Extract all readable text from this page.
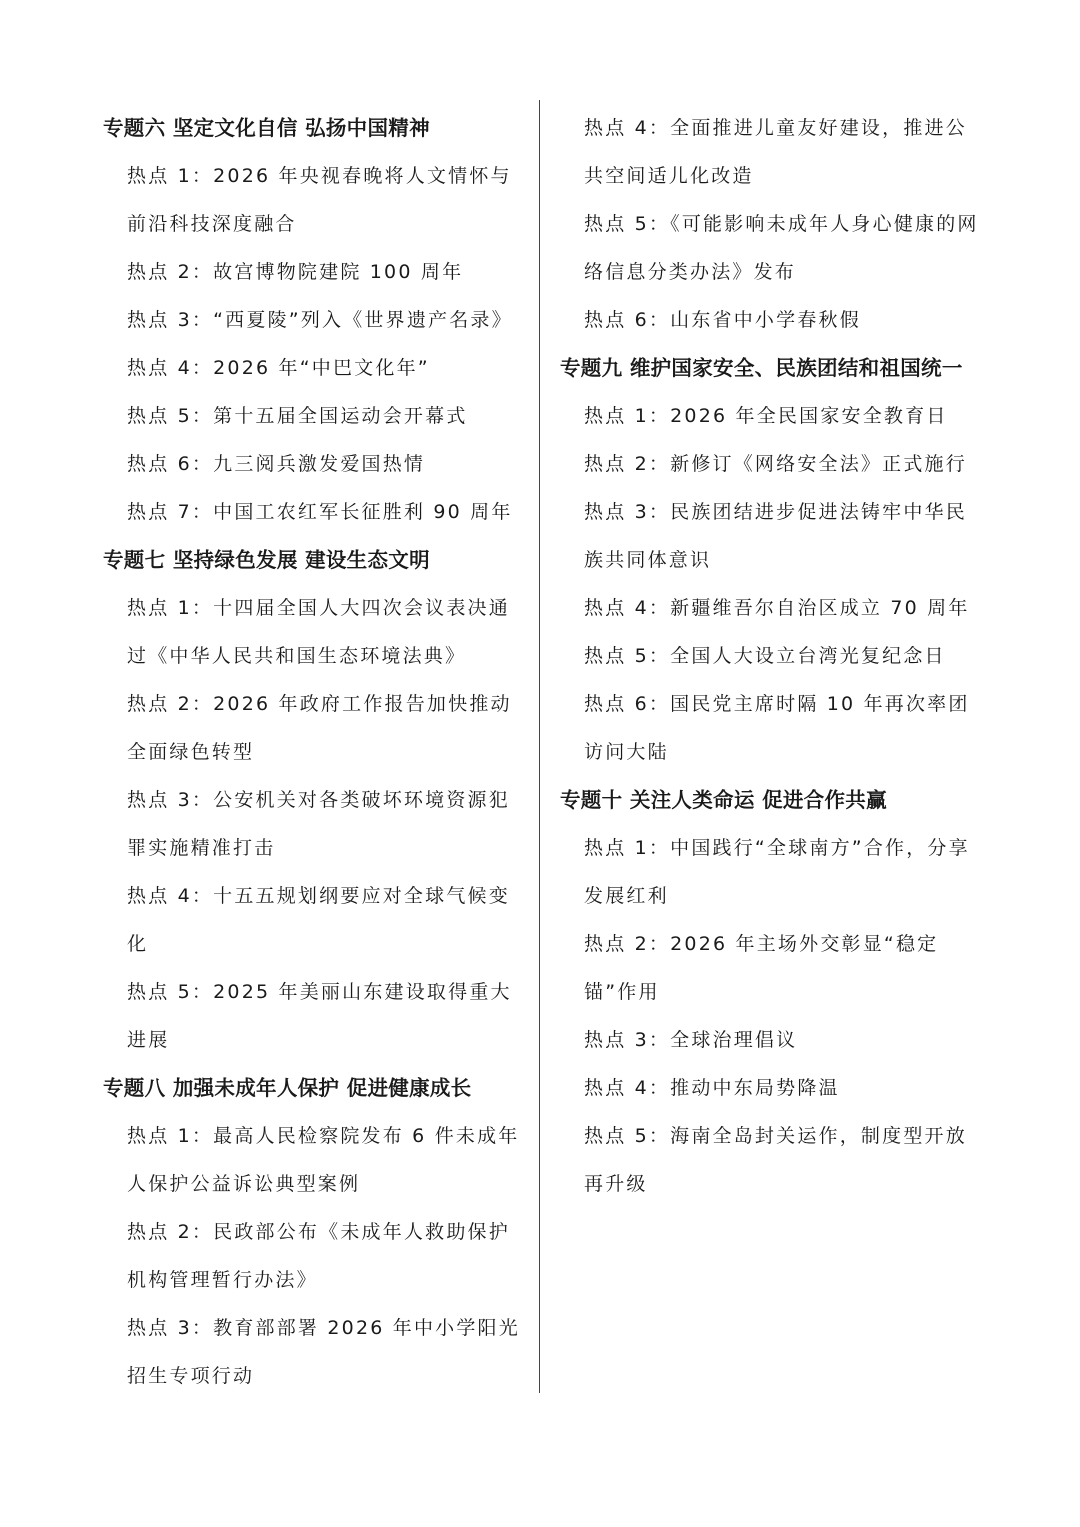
专题六 坚定文化自信 弘扬中国精神
热点 1：2026 年央视春晚将人文情怀与前沿科技深度融合
热点 2：故宫博物院建院 100 周年
热点 3：“西夏陵”列入《世界遗产名录》
热点 4：2026 年“中巴文化年”
热点 5：第十五届全国运动会开幕式
热点 6：九三阅兵激发爱国热情
热点 7：中国工农红军长征胜利 90 周年
专题七 坚持绿色发展 建设生态文明
热点 1：十四届全国人大四次会议表决通过《中华人民共和国生态环境法典》
热点 2：2026 年政府工作报告加快推动全面绿色转型
热点 3：公安机关对各类破坏环境资源犯罪实施精准打击
热点 4：十五五规划纲要应对全球气候变化
热点 5：2025 年美丽山东建设取得重大进展
专题八 加强未成年人保护 促进健康成长
热点 1：最高人民检察院发布 6 件未成年人保护公益诉讼典型案例
热点 2：民政部公布《未成年人救助保护机构管理暂行办法》
热点 3：教育部部署 2026 年中小学阳光招生专项行动
热点 4：全面推进儿童友好建设，推进公共空间适儿化改造
热点 5：《可能影响未成年人身心健康的网络信息分类办法》发布
热点 6：山东省中小学春秋假
专题九 维护国家安全、民族团结和祖国统一
热点 1：2026 年全民国家安全教育日
热点 2：新修订《网络安全法》正式施行
热点 3：民族团结进步促进法铸牢中华民族共同体意识
热点 4：新疆维吾尔自治区成立 70 周年
热点 5：全国人大设立台湾光复纪念日
热点 6：国民党主席时隔 10 年再次率团访问大陆
专题十 关注人类命运 促进合作共赢
热点 1：中国践行“全球南方”合作，分享发展红利
热点 2：2026 年主场外交彰显“稳定锚”作用
热点 3：全球治理倡议
热点 4：推动中东局势降温
热点 5：海南全岛封关运作，制度型开放再升级
